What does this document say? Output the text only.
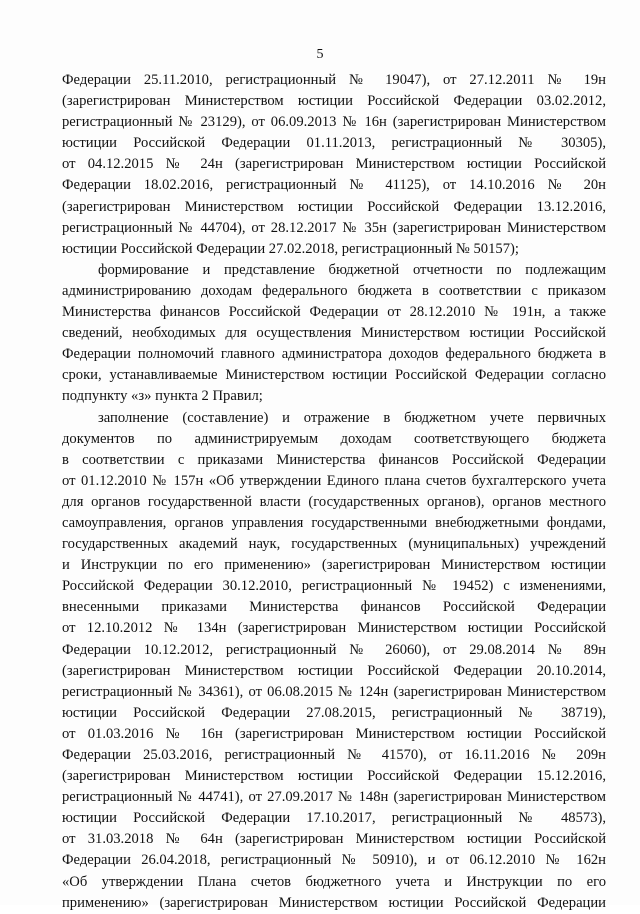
5
Федерации 25.11.2010, регистрационный № 19047), от 27.12.2011 № 19н
(зарегистрирован Министерством юстиции Российской Федерации 03.02.2012,
регистрационный № 23129), от 06.09.2013 № 16н (зарегистрирован Министерством
юстиции Российской Федерации 01.11.2013, регистрационный № 30305),
от 04.12.2015 № 24н (зарегистрирован Министерством юстиции Российской
Федерации 18.02.2016, регистрационный № 41125), от 14.10.2016 № 20н
(зарегистрирован Министерством юстиции Российской Федерации 13.12.2016,
регистрационный № 44704), от 28.12.2017 № 35н (зарегистрирован Министерством
юстиции Российской Федерации 27.02.2018, регистрационный № 50157);
формирование и представление бюджетной отчетности по подлежащим
администрированию доходам федерального бюджета в соответствии с приказом
Министерства финансов Российской Федерации от 28.12.2010 № 191н, а также
сведений, необходимых для осуществления Министерством юстиции Российской
Федерации полномочий главного администратора доходов федерального бюджета в
сроки, устанавливаемые Министерством юстиции Российской Федерации согласно
подпункту «з» пункта 2 Правил;
заполнение (составление) и отражение в бюджетном учете первичных
документов по администрируемым доходам соответствующего бюджета
в соответствии с приказами Министерства финансов Российской Федерации
от 01.12.2010 № 157н «Об утверждении Единого плана счетов бухгалтерского учета
для органов государственной власти (государственных органов), органов местного
самоуправления, органов управления государственными внебюджетными фондами,
государственных академий наук, государственных (муниципальных) учреждений
и Инструкции по его применению» (зарегистрирован Министерством юстиции
Российской Федерации 30.12.2010, регистрационный № 19452) с изменениями,
внесенными приказами Министерства финансов Российской Федерации
от 12.10.2012 № 134н (зарегистрирован Министерством юстиции Российской
Федерации 10.12.2012, регистрационный № 26060), от 29.08.2014 № 89н
(зарегистрирован Министерством юстиции Российской Федерации 20.10.2014,
регистрационный № 34361), от 06.08.2015 № 124н (зарегистрирован Министерством
юстиции Российской Федерации 27.08.2015, регистрационный № 38719),
от 01.03.2016 № 16н (зарегистрирован Министерством юстиции Российской
Федерации 25.03.2016, регистрационный № 41570), от 16.11.2016 № 209н
(зарегистрирован Министерством юстиции Российской Федерации 15.12.2016,
регистрационный № 44741), от 27.09.2017 № 148н (зарегистрирован Министерством
юстиции Российской Федерации 17.10.2017, регистрационный № 48573),
от 31.03.2018 № 64н (зарегистрирован Министерством юстиции Российской
Федерации 26.04.2018, регистрационный № 50910), и от 06.12.2010 № 162н
«Об утверждении Плана счетов бюджетного учета и Инструкции по его
применению» (зарегистрирован Министерством юстиции Российской Федерации
